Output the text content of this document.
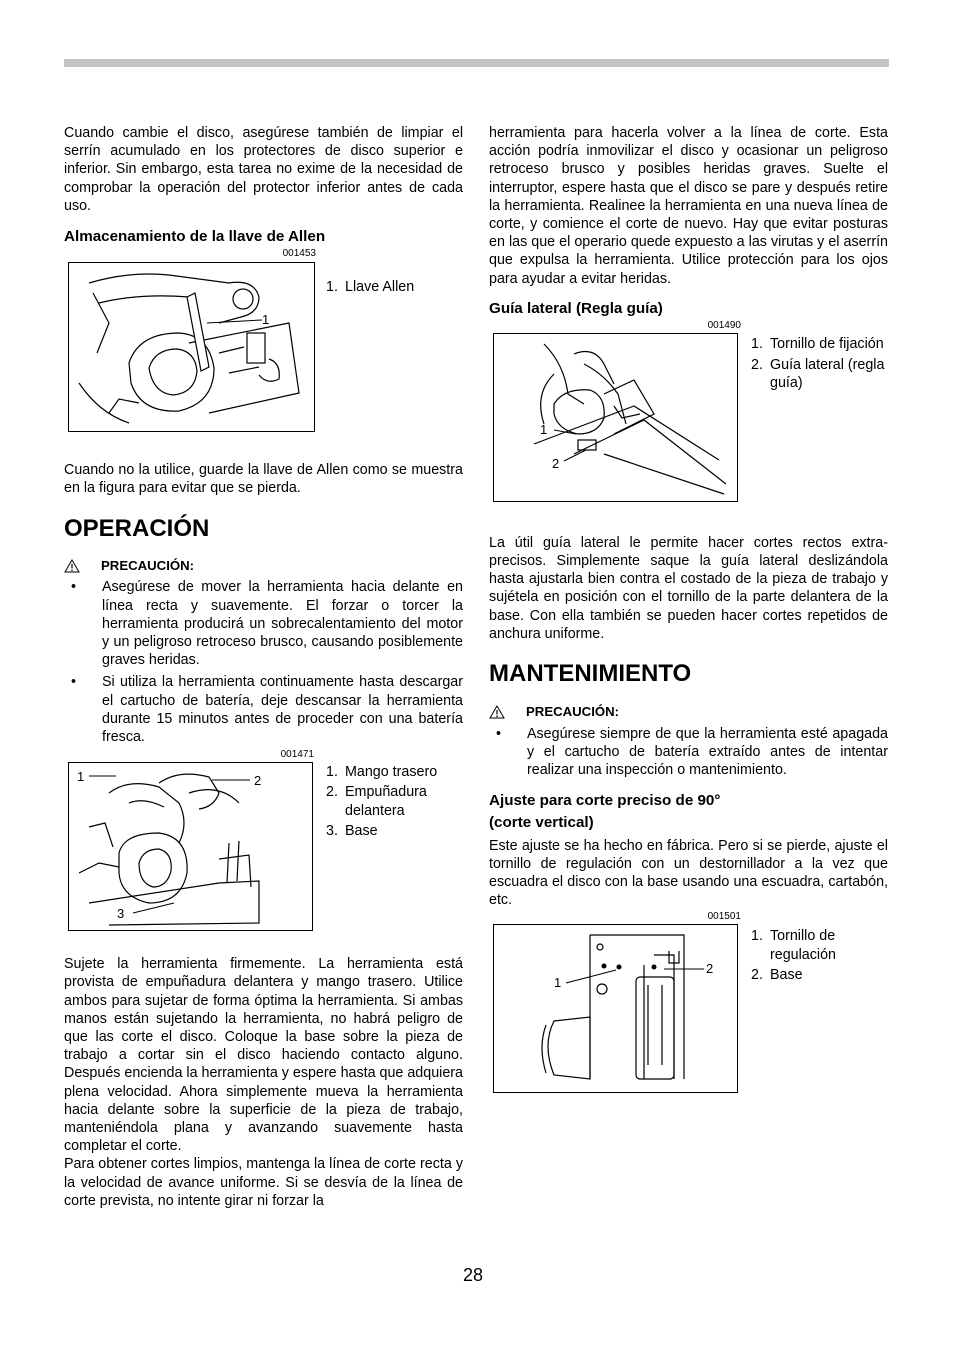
Cuando cambie el disco, asegúrese también de limpiar el serrín acumulado en los protectores de disco superior e inferior. Sin embargo, esta tarea no exime de la necesidad de comprobar la operación del protector inferior antes de cada uso.

Almacenamiento de la llave de Allen
001453
1
1. Llave Allen

Cuando no la utilice, guarde la llave de Allen como se muestra en la figura para evitar que se pierda.

OPERACIÓN
PRECAUCIÓN:
• Asegúrese de mover la herramienta hacia delante en línea recta y suavemente. El forzar o torcer la herramienta producirá un sobrecalentamiento del motor y un peligroso retroceso brusco, causando posiblemente graves heridas.
• Si utiliza la herramienta continuamente hasta descargar el cartucho de batería, deje descansar la herramienta durante 15 minutos antes de proceder con una batería fresca.
001471
1	2
3
1. Mango trasero
2. Empuñadura delantera
3. Base

Sujete la herramienta firmemente. La herramienta está provista de empuñadura delantera y mango trasero. Utilice ambos para sujetar de forma óptima la herramienta. Si ambas manos están sujetando la herramienta, no habrá peligro de que las corte el disco. Coloque la base sobre la pieza de trabajo a cortar sin el disco haciendo contacto alguno. Después encienda la herramienta y espere hasta que adquiera plena velocidad. Ahora simplemente mueva la herramienta hacia delante sobre la superficie de la pieza de trabajo, manteniéndola plana y avanzando suavemente hasta completar el corte.

Para obtener cortes limpios, mantenga la línea de corte recta y la velocidad de avance uniforme. Si se desvía de la línea de corte prevista, no intente girar ni forzar la

herramienta para hacerla volver a la línea de corte. Esta acción podría inmovilizar el disco y ocasionar un peligroso retroceso brusco y posibles heridas graves. Suelte el interruptor, espere hasta que el disco se pare y después retire la herramienta. Realinee la herramienta en una nueva línea de corte, y comience el corte de nuevo. Hay que evitar posturas en las que el operario quede expuesto a las virutas y el aserrín que expulsa la herramienta. Utilice protección para los ojos para ayudar a evitar heridas.

Guía lateral (Regla guía)
001490
1
2
1. Tornillo de fijación
2. Guía lateral (regla guía)

La útil guía lateral le permite hacer cortes rectos extra-precisos. Simplemente saque la guía lateral deslizándola hasta ajustarla bien contra el costado de la pieza de trabajo y sujétela en posición con el tornillo de la parte delantera de la base. Con ella también se pueden hacer cortes repetidos de anchura uniforme.

MANTENIMIENTO
PRECAUCIÓN:
• Asegúrese siempre de que la herramienta esté apagada y el cartucho de batería extraído antes de intentar realizar una inspección o mantenimiento.
Ajuste para corte preciso de 90°
(corte vertical)

Este ajuste se ha hecho en fábrica. Pero si se pierde, ajuste el tornillo de regulación con un destornillador a la vez que escuadra el disco con la base usando una escuadra, cartabón, etc.

001501
1
2
1. Tornillo de regulación
2. Base
28
